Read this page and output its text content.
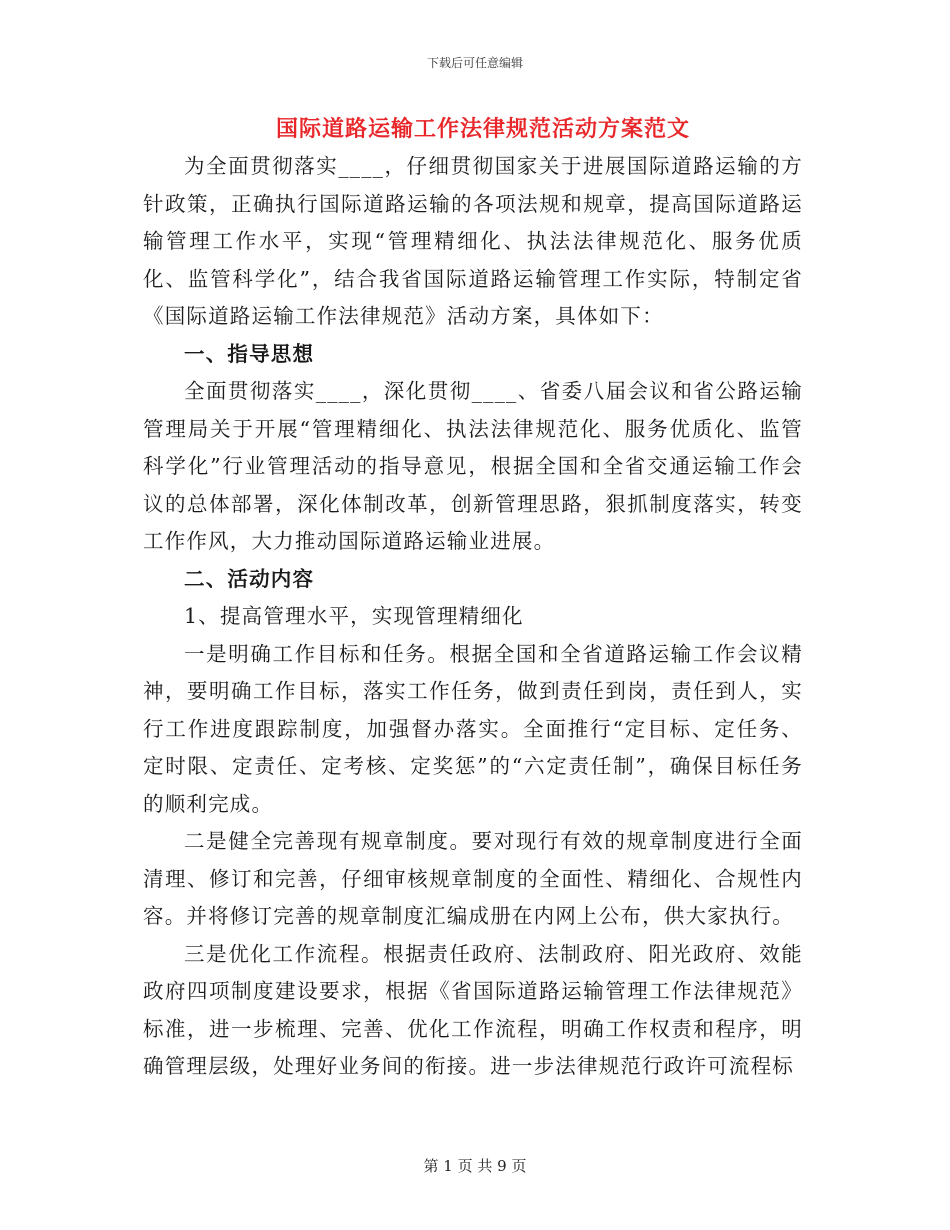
下载后可任意编辑
国际道路运输工作法律规范活动方案范文

为全面贯彻落实____，仔细贯彻国家关于进展国际道路运输的方针政策，正确执行国际道路运输的各项法规和规章，提高国际道路运输管理工作水平，实现“管理精细化、执法法律规范化、服务优质化、监管科学化”，结合我省国际道路运输管理工作实际，特制定省《国际道路运输工作法律规范》活动方案，具体如下：

一、指导思想

全面贯彻落实____，深化贯彻____、省委八届会议和省公路运输管理局关于开展“管理精细化、执法法律规范化、服务优质化、监管科学化”行业管理活动的指导意见，根据全国和全省交通运输工作会议的总体部署，深化体制改革，创新管理思路，狠抓制度落实，转变工作作风，大力推动国际道路运输业进展。

二、活动内容

1、提高管理水平，实现管理精细化

一是明确工作目标和任务。根据全国和全省道路运输工作会议精神，要明确工作目标，落实工作任务，做到责任到岗，责任到人，实行工作进度跟踪制度，加强督办落实。全面推行“定目标、定任务、定时限、定责任、定考核、定奖惩”的“六定责任制”，确保目标任务的顺利完成。

二是健全完善现有规章制度。要对现行有效的规章制度进行全面清理、修订和完善，仔细审核规章制度的全面性、精细化、合规性内容。并将修订完善的规章制度汇编成册在内网上公布，供大家执行。

三是优化工作流程。根据责任政府、法制政府、阳光政府、效能政府四项制度建设要求，根据《省国际道路运输管理工作法律规范》标准，进一步梳理、完善、优化工作流程，明确工作权责和程序，明确管理层级，处理好业务间的衔接。进一步法律规范行政许可流程标

第 1 页 共 9 页
